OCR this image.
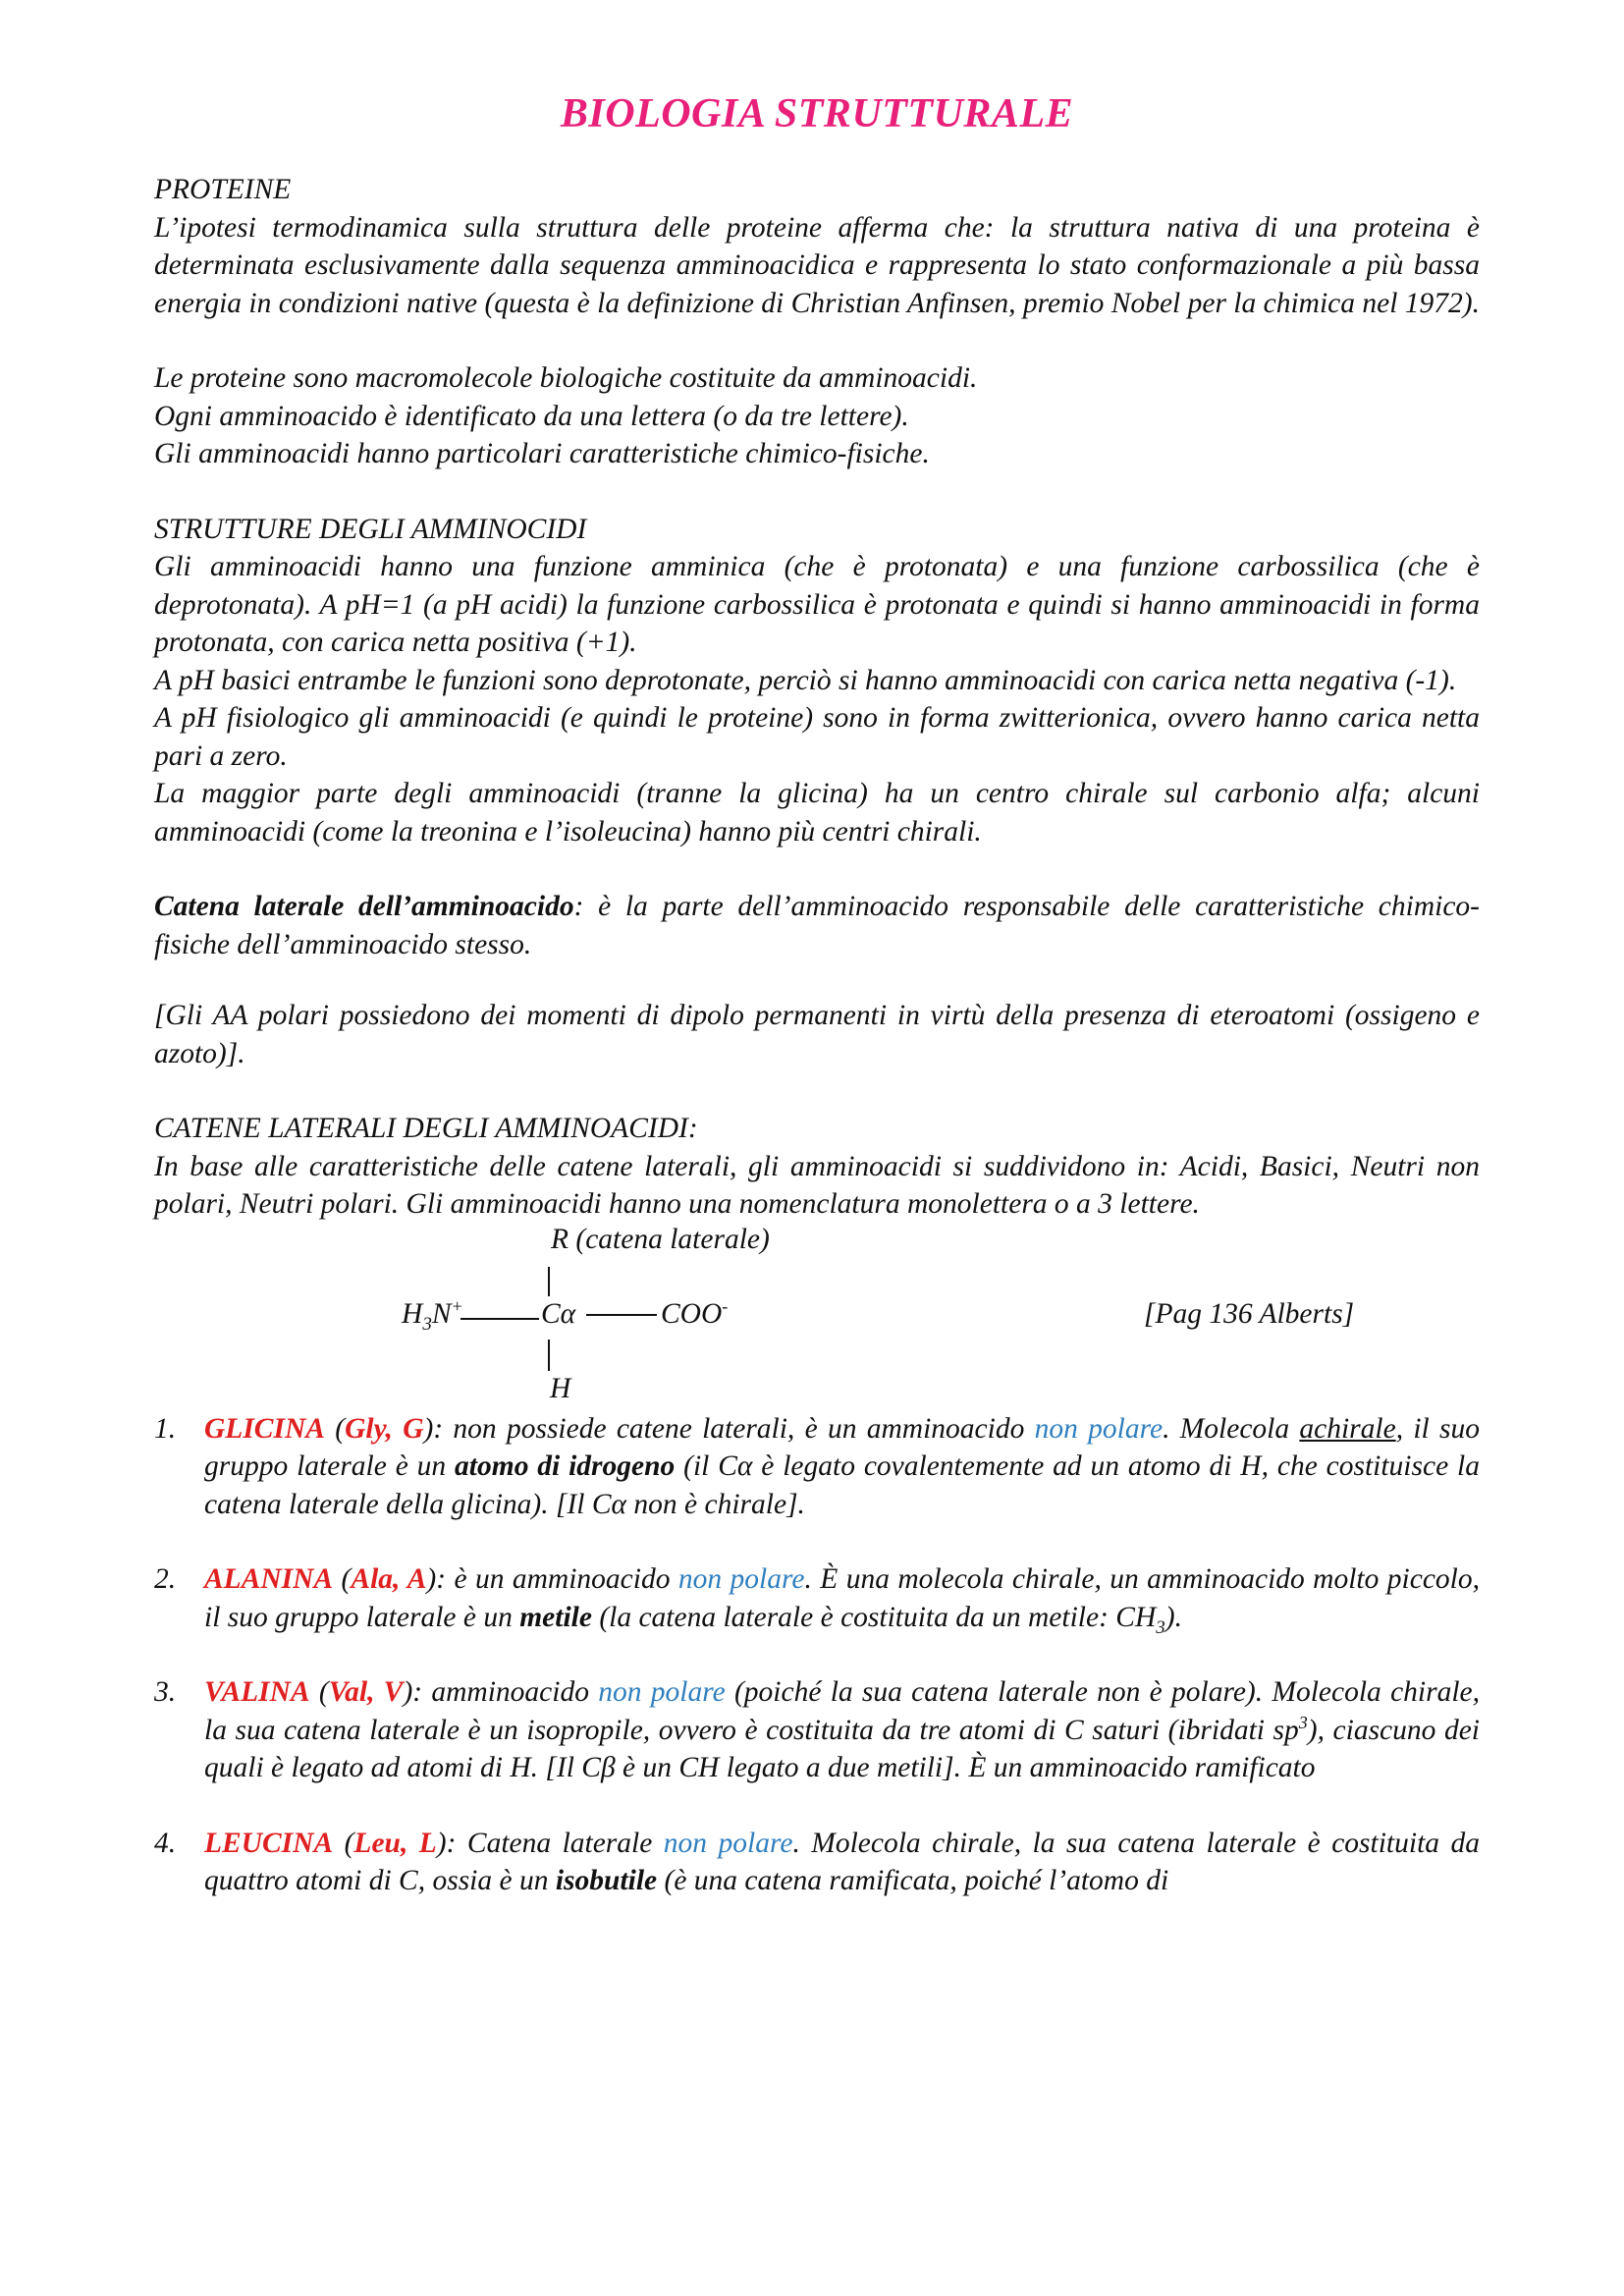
BIOLOGIA STRUTTURALE

PROTEINE

L’ipotesi termodinamica sulla struttura delle proteine afferma che: la struttura nativa di una proteina è determinata esclusivamente dalla sequenza amminoacidica e rappresenta lo stato conformazionale a più bassa energia in condizioni native (questa è la definizione di Christian Anfinsen, premio Nobel per la chimica nel 1972).

Le proteine sono macromolecole biologiche costituite da amminoacidi.

Ogni amminoacido è identificato da una lettera (o da tre lettere).

Gli amminoacidi hanno particolari caratteristiche chimico-fisiche.

STRUTTURE DEGLI AMMINOCIDI

Gli amminoacidi hanno una funzione amminica (che è protonata) e una funzione carbossilica (che è deprotonata). A pH=1 (a pH acidi) la funzione carbossilica è protonata e quindi si hanno amminoacidi in forma protonata, con carica netta positiva (+1).

A pH basici entrambe le funzioni sono deprotonate, perciò si hanno amminoacidi con carica netta negativa (-1).

A pH fisiologico gli amminoacidi (e quindi le proteine) sono in forma zwitterionica, ovvero hanno carica netta pari a zero.

La maggior parte degli amminoacidi (tranne la glicina) ha un centro chirale sul carbonio alfa; alcuni amminoacidi (come la treonina e l’isoleucina) hanno più centri chirali.

Catena laterale dell’amminoacido: è la parte dell’amminoacido responsabile delle caratteristiche chimico-fisiche dell’amminoacido stesso.

[Gli AA polari possiedono dei momenti di dipolo permanenti in virtù della presenza di eteroatomi (ossigeno e azoto)].

CATENE LATERALI DEGLI AMMINOACIDI:

In base alle caratteristiche delle catene laterali, gli amminoacidi si suddividono in: Acidi, Basici, Neutri non polari, Neutri polari. Gli amminoacidi hanno una nomenclatura monolettera o a 3 lettere.

R (catena laterale)
$H_3N^+$	Cα	COO-
H
[Pag 136 Alberts]
1. GLICINA (Gly, G): non possiede catene laterali, è un amminoacido non polare. Molecola achirale, il suo gruppo laterale è un atomo di idrogeno (il Cα è legato covalentemente ad un atomo di H, che costituisce la catena laterale della glicina). [Il Cα non è chirale].

2. ALANINA (Ala, A): è un amminoacido non polare. È una molecola chirale, un amminoacido molto piccolo, il suo gruppo laterale è un metile (la catena laterale è costituita da un metile: $CH_3$).

3. VALINA (Val, V): amminoacido non polare (poiché la sua catena laterale non è polare). Molecola chirale, la sua catena laterale è un isopropile, ovvero è costituita da tre atomi di C saturi (ibridati $sp^3$), ciascuno dei quali è legato ad atomi di H. [Il Cβ è un CH legato a due metili]. È un amminoacido ramificato

4. LEUCINA (Leu, L): Catena laterale non polare. Molecola chirale, la sua catena laterale è costituita da quattro atomi di C, ossia è un isobutile (è una catena ramificata, poiché l’atomo di
